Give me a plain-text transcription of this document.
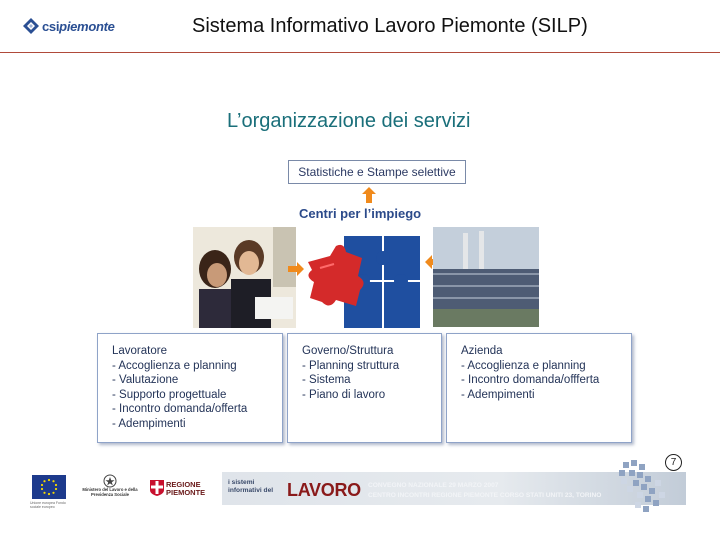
csipiemonte	Sistema Informativo Lavoro Piemonte (SILP)
L’organizzazione dei servizi
Statistiche e Stampe selettive
Centri per l’impiego
Lavoratore
- Accoglienza e planning
- Valutazione
- Supporto progettuale
- Incontro domanda/offerta
- Adempimenti
Governo/Struttura
- Planning struttura
- Sistema
- Piano di lavoro
Azienda
- Accoglienza e planning
- Incontro domanda/offferta
- Adempimenti
7
Unione europea Fondo sociale europeo
Ministero del Lavoro e della Previdenza Sociale
REGIONE
PIEMONTE
i sistemi
informativi del LAVORO CONVEGNO NAZIONALE 29 MARZO 2007
CENTRO INCONTRI REGIONE PIEMONTE CORSO STATI UNITI 23, TORINO
